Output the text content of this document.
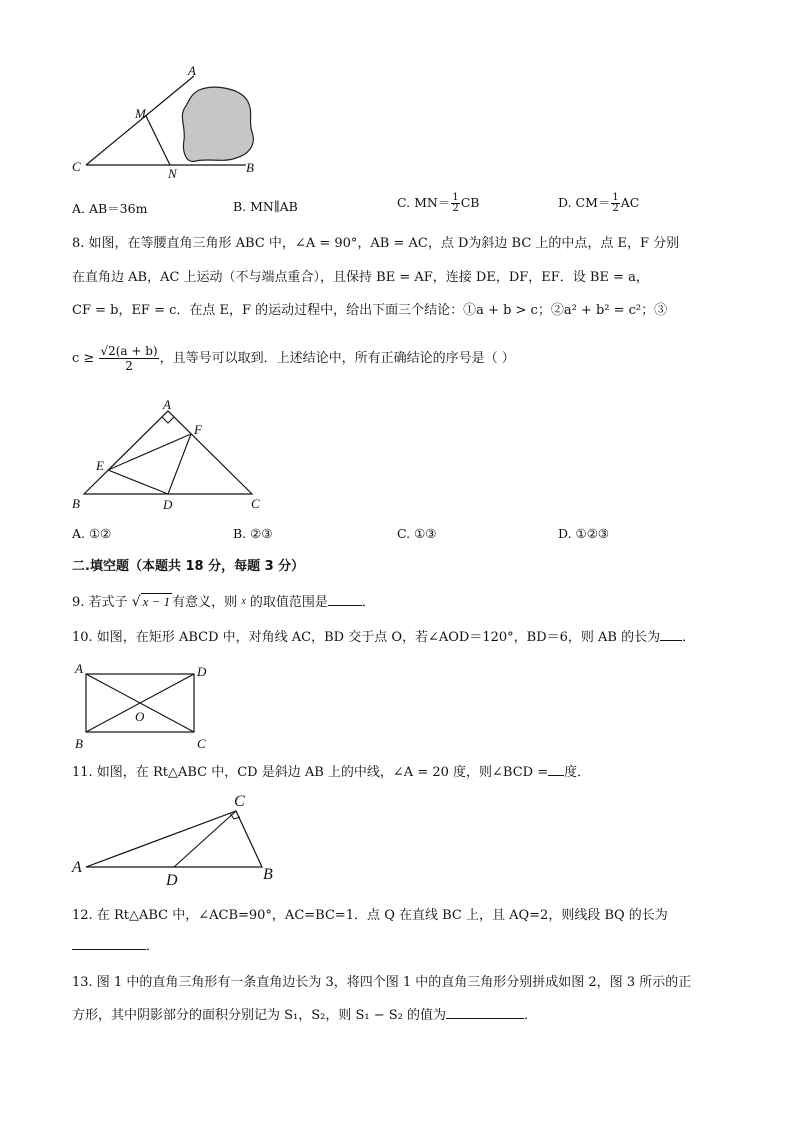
A
M
C	N	B
A. AB＝36m	B. MN∥AB	C. $MN= \frac{1}{2}$ CB	D. $CM= \frac{1}{2}$ AC
8. 如图，在等腰直角三角形 ABC 中，∠A = 90°，AB = AC，点 D为斜边 BC 上的中点，点 E，F 分别
在直角边 AB，AC 上运动（不与端点重合），且保持 BE = AF，连接 DE，DF，EF．设 BE = a，
CF = b，EF = c．在点 E，F 的运动过程中，给出下面三个结论：①a + b > c；②a² + b² = c²；③
$c \ge \frac{√2(a + b)}{2}$ ，且等号可以取到．上述结论中，所有正确结论的序号是（ ）
A
F
E
B	D	C
A. ①②	B. ②③	C. ①③	D. ①②③
二.填空题（本题共 18 分，每题 3 分）
9. 若式子 √ x − 1 有意义，则 x 的取值范围是	．
10. 如图，在矩形 ABCD 中，对角线 AC，BD 交于点 O，若∠AOD＝120°，BD＝6，则 AB 的长为 ．
A	D
O
B	C
11. 如图，在 Rt△ABC 中，CD 是斜边 AB 上的中线，∠A = 20 度，则∠BCD = 度．
C
A
D	B
12. 在 Rt△ABC 中，∠ACB=90°，AC=BC=1．点 Q 在直线 BC 上，且 AQ=2，则线段 BQ 的长为
．
13. 图 1 中的直角三角形有一条直角边长为 3，将四个图 1 中的直角三角形分别拼成如图 2，图 3 所示的正
方形，其中阴影部分的面积分别记为 S₁，S₂，则 S₁ − S₂ 的值为	．
